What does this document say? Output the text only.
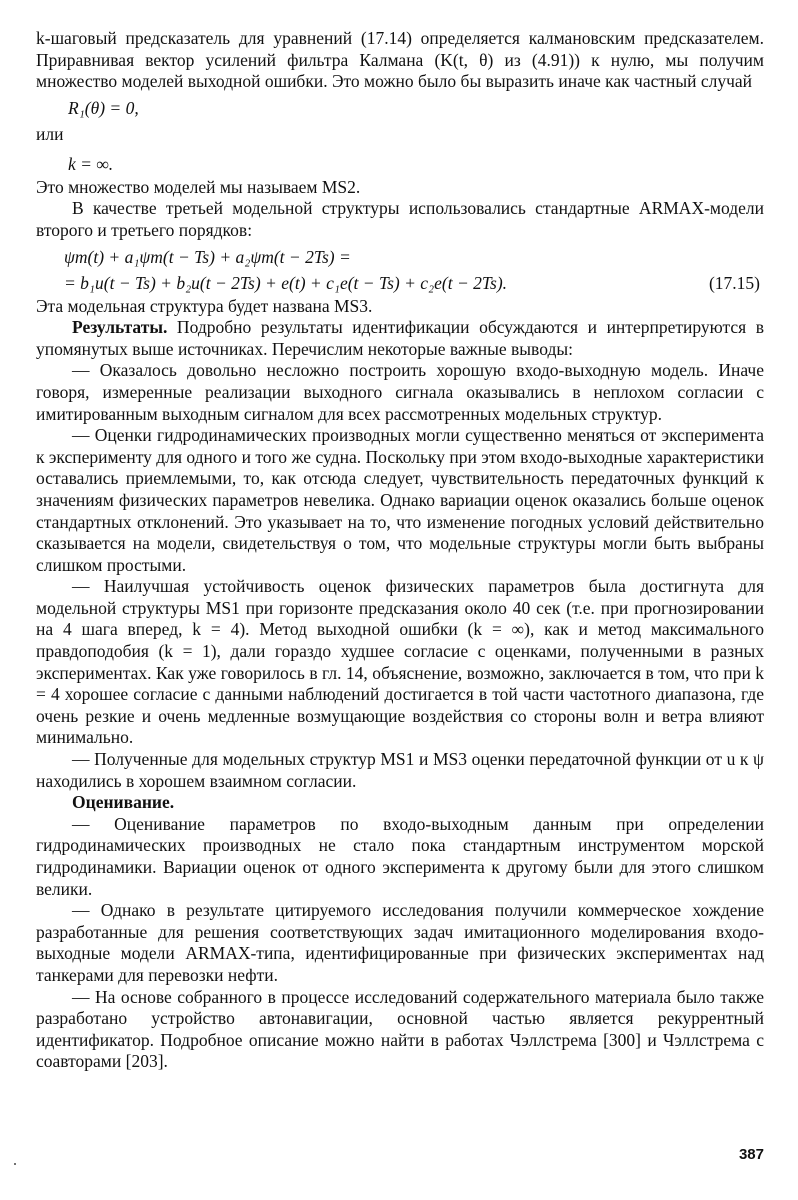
k-шаговый предсказатель для уравнений (17.14) определяется калмановским предсказателем. Приравнивая вектор усилений фильтра Калмана (K(t, θ) из (4.91)) к нулю, мы получим множество моделей выходной ошибки. Это можно было бы выразить иначе как частный случай

R₁(θ) = 0,
или
k = ∞.

Это множество моделей мы называем MS2.

В качестве третьей модельной структуры использовались стандартные ARMAX-модели второго и третьего порядков:

ψm(t) + a₁ψm(t − Ts) + a₂ψm(t − 2Ts) =
= b₁u(t − Ts) + b₂u(t − 2Ts) + e(t) + c₁e(t − Ts) + c₂e(t − 2Ts).	(17.15)

Эта модельная структура будет названа MS3.

Результаты. Подробно результаты идентификации обсуждаются и интерпретируются в упомянутых выше источниках. Перечислим некоторые важные выводы:

— Оказалось довольно несложно построить хорошую входо-выходную модель. Иначе говоря, измеренные реализации выходного сигнала оказывались в неплохом согласии с имитированным выходным сигналом для всех рассмотренных модельных структур.

— Оценки гидродинамических производных могли существенно меняться от эксперимента к эксперименту для одного и того же судна. Поскольку при этом входо-выходные характеристики оставались приемлемыми, то, как отсюда следует, чувствительность передаточных функций к значениям физических параметров невелика. Однако вариации оценок оказались больше оценок стандартных отклонений. Это указывает на то, что изменение погодных условий действительно сказывается на модели, свидетельствуя о том, что модельные структуры могли быть выбраны слишком простыми.

— Наилучшая устойчивость оценок физических параметров была достигнута для модельной структуры MS1 при горизонте предсказания около 40 сек (т.е. при прогнозировании на 4 шага вперед, k = 4). Метод выходной ошибки (k = ∞), как и метод максимального правдоподобия (k = 1), дали гораздо худшее согласие с оценками, полученными в разных экспериментах. Как уже говорилось в гл. 14, объяснение, возможно, заключается в том, что при k = 4 хорошее согласие с данными наблюдений достигается в той части частотного диапазона, где очень резкие и очень медленные возмущающие воздействия со стороны волн и ветра влияют минимально.

— Полученные для модельных структур MS1 и MS3 оценки передаточной функции от u к ψ находились в хорошем взаимном согласии.

Оценивание.

— Оценивание параметров по входо-выходным данным при определении гидродинамических производных не стало пока стандартным инструментом морской гидродинамики. Вариации оценок от одного эксперимента к другому были для этого слишком велики.

— Однако в результате цитируемого исследования получили коммерческое хождение разработанные для решения соответствующих задач имитационного моделирования входо-выходные модели ARMAX-типа, идентифицированные при физических экспериментах над танкерами для перевозки нефти.

— На основе собранного в процессе исследований содержательного материала было также разработано устройство автонавигации, основной частью является рекуррентный идентификатор. Подробное описание можно найти в работах Чэллстрема [300] и Чэллстрема с соавторами [203].

387
